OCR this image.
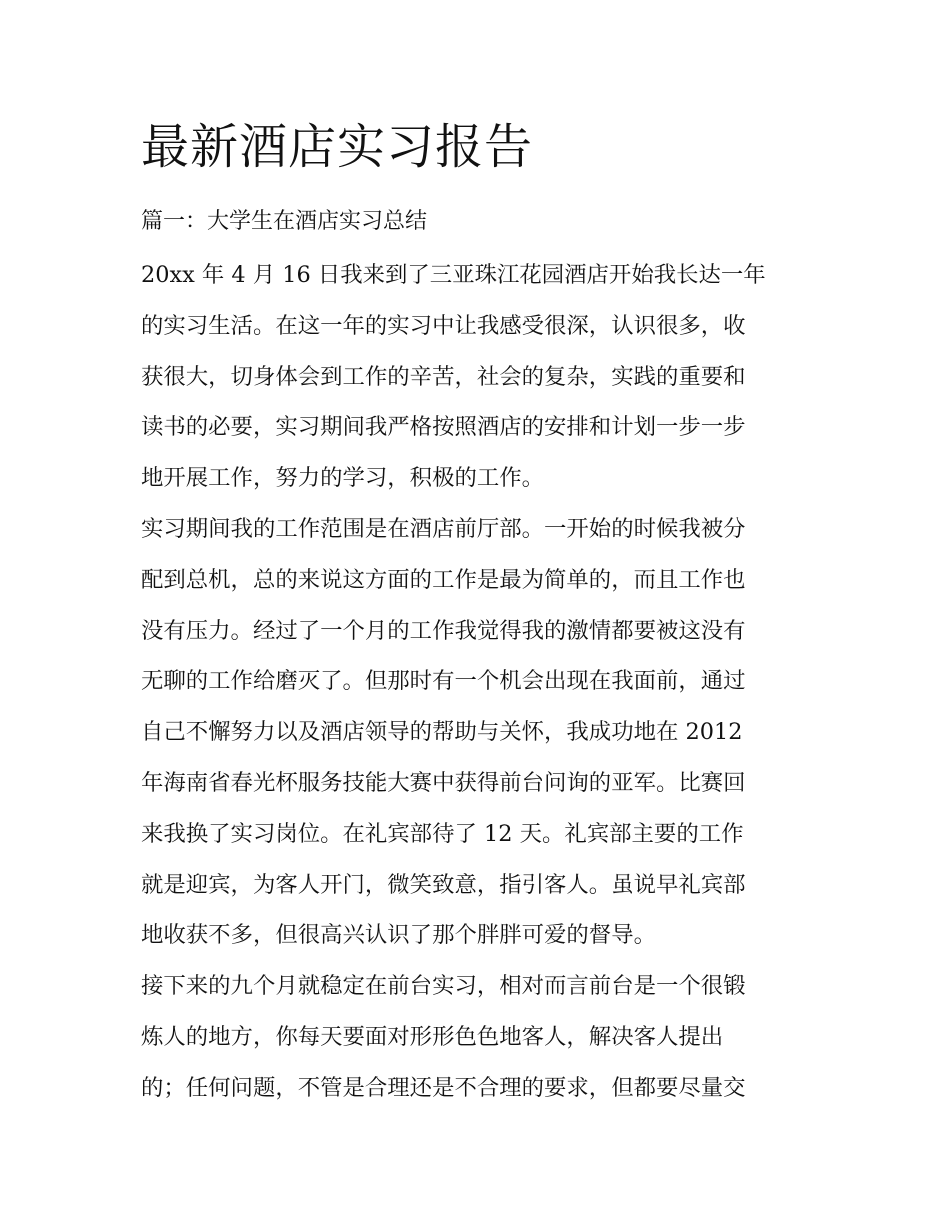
最新酒店实习报告
篇一：大学生在酒店实习总结
20xx 年 4 月 16 日我来到了三亚珠江花园酒店开始我长达一年
的实习生活。在这一年的实习中让我感受很深，认识很多，收
获很大，切身体会到工作的辛苦，社会的复杂，实践的重要和
读书的必要，实习期间我严格按照酒店的安排和计划一步一步
地开展工作，努力的学习，积极的工作。
实习期间我的工作范围是在酒店前厅部。一开始的时候我被分
配到总机，总的来说这方面的工作是最为简单的，而且工作也
没有压力。经过了一个月的工作我觉得我的激情都要被这没有
无聊的工作给磨灭了。但那时有一个机会出现在我面前，通过
自己不懈努力以及酒店领导的帮助与关怀，我成功地在 2012
年海南省春光杯服务技能大赛中获得前台问询的亚军。比赛回
来我换了实习岗位。在礼宾部待了 12 天。礼宾部主要的工作
就是迎宾，为客人开门，微笑致意，指引客人。虽说早礼宾部
地收获不多，但很高兴认识了那个胖胖可爱的督导。
接下来的九个月就稳定在前台实习，相对而言前台是一个很锻
炼人的地方，你每天要面对形形色色地客人，解决客人提出
的；任何问题，不管是合理还是不合理的要求，但都要尽量交
